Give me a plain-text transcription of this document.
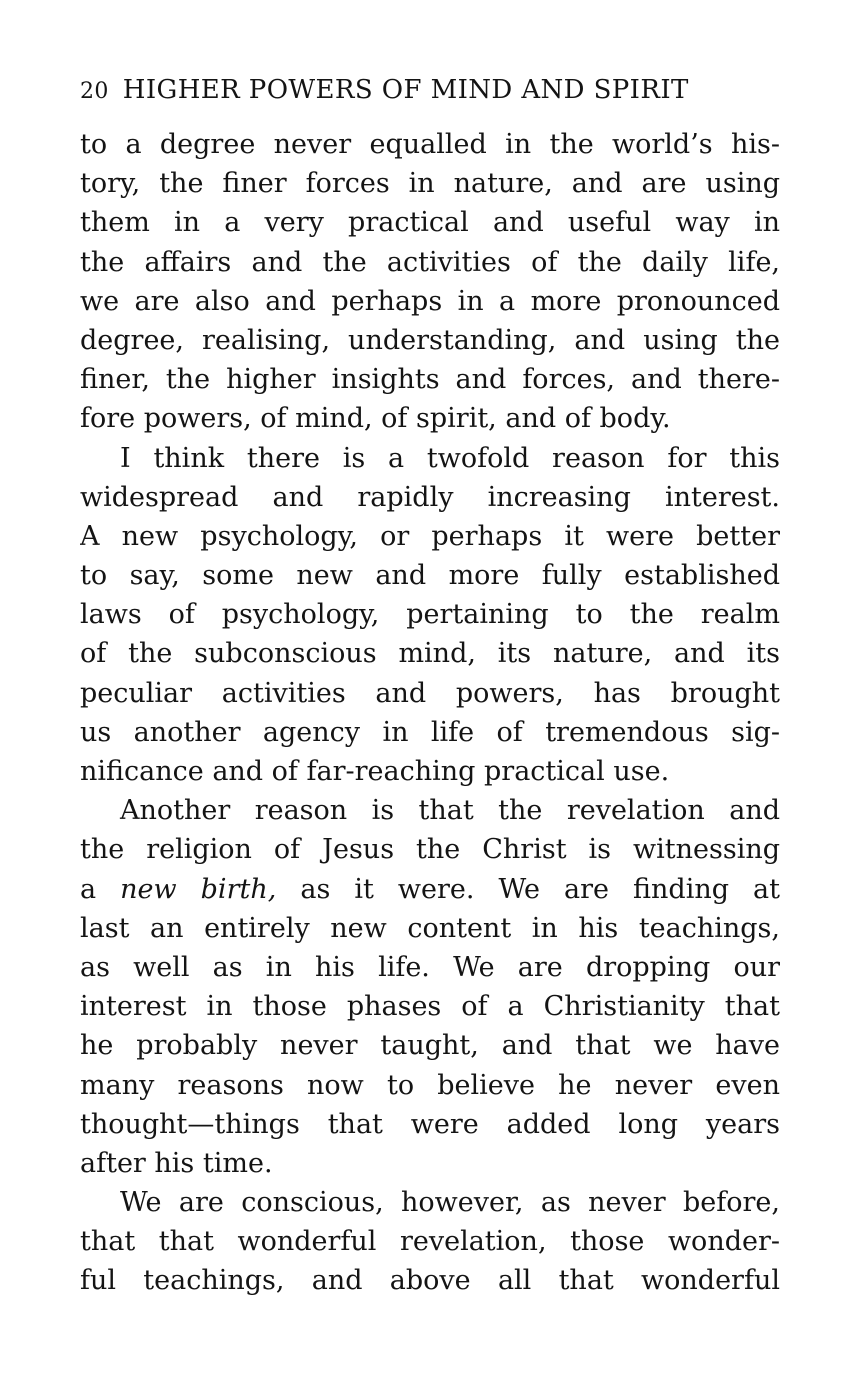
20 HIGHER POWERS OF MIND AND SPIRIT
to a degree never equalled in the world’s his-
tory, the finer forces in nature, and are using
them in a very practical and useful way in
the affairs and the activities of the daily life,
we are also and perhaps in a more pronounced
degree, realising, understanding, and using the
finer, the higher insights and forces, and there-
fore powers, of mind, of spirit, and of body.
I think there is a twofold reason for this
widespread and rapidly increasing interest.
A new psychology, or perhaps it were better
to say, some new and more fully established
laws of psychology, pertaining to the realm
of the subconscious mind, its nature, and its
peculiar activities and powers, has brought
us another agency in life of tremendous sig-
nificance and of far-reaching practical use.
Another reason is that the revelation and
the religion of Jesus the Christ is witnessing
a new birth, as it were. We are finding at
last an entirely new content in his teachings,
as well as in his life. We are dropping our
interest in those phases of a Christianity that
he probably never taught, and that we have
many reasons now to believe he never even
thought—things that were added long years
after his time.
We are conscious, however, as never before,
that that wonderful revelation, those wonder-
ful teachings, and above all that wonderful
